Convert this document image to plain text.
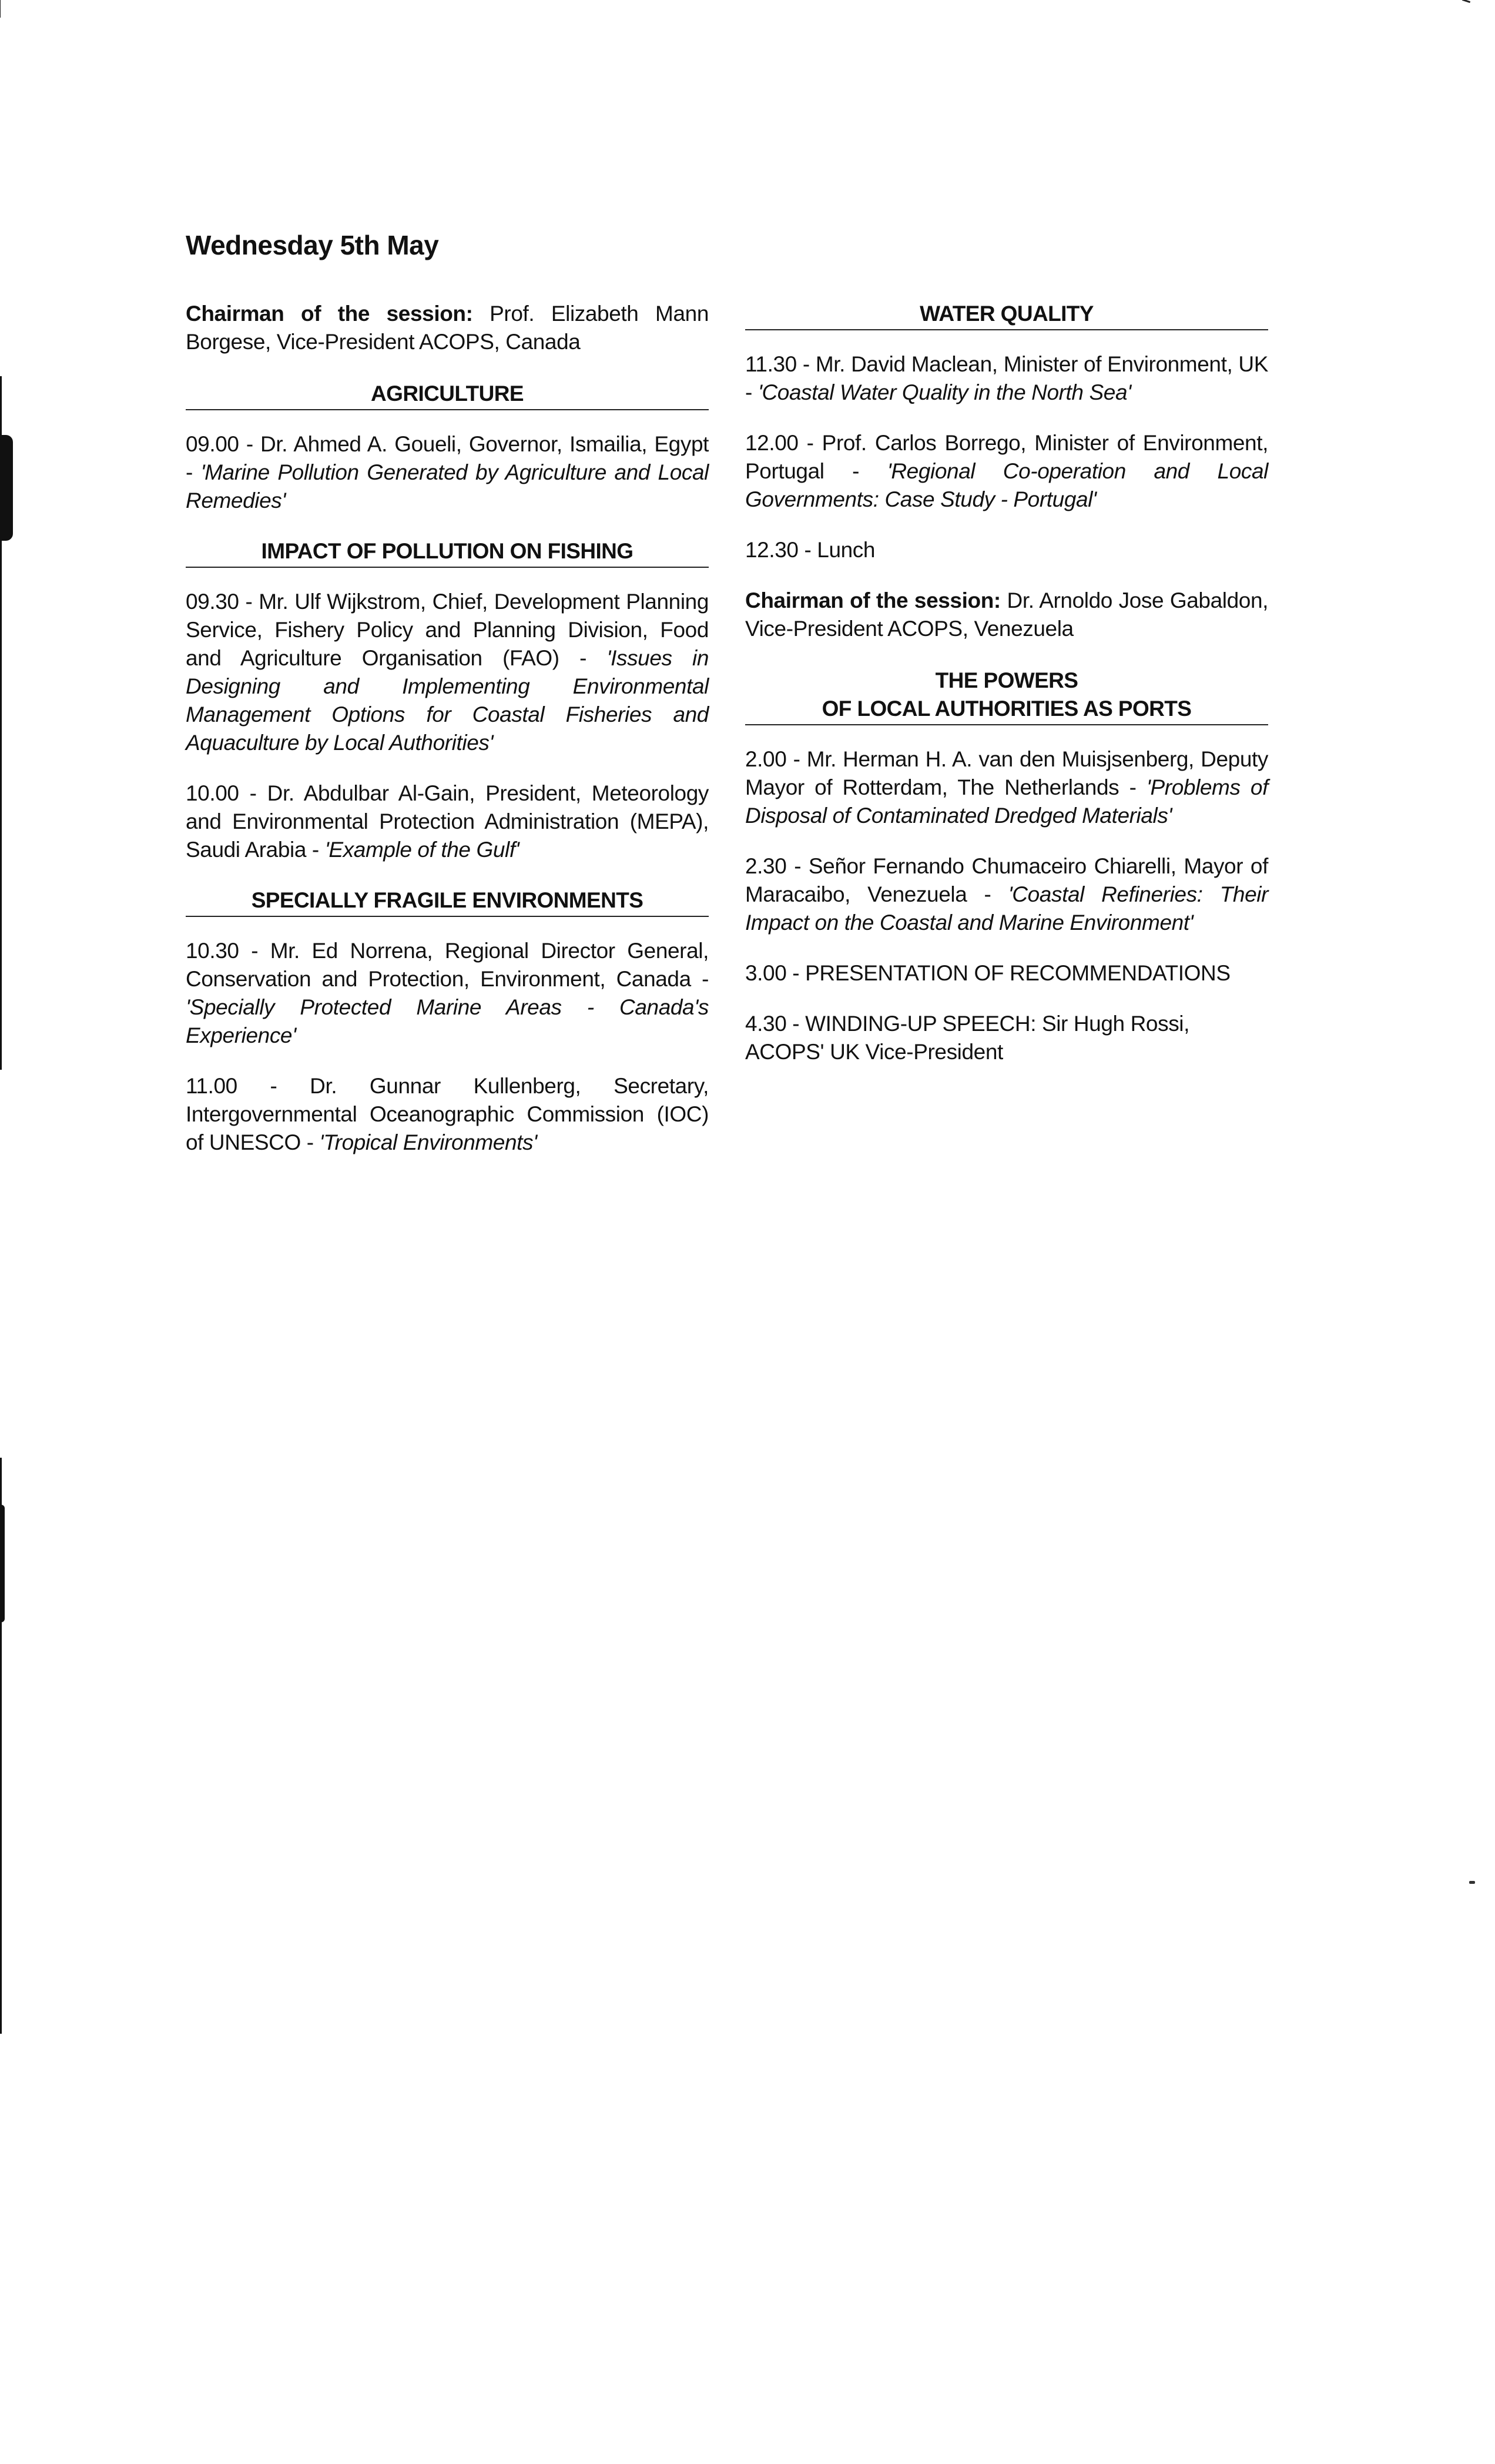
Wednesday 5th May

Chairman of the session: Prof. Elizabeth Mann Borgese, Vice-President ACOPS, Canada

AGRICULTURE

09.00 - Dr. Ahmed A. Goueli, Governor, Ismailia, Egypt - 'Marine Pollution Generated by Agriculture and Local Remedies'

IMPACT OF POLLUTION ON FISHING

09.30 - Mr. Ulf Wijkstrom, Chief, Development Planning Service, Fishery Policy and Planning Division, Food and Agriculture Organisation (FAO) - 'Issues in Designing and Implementing Environmental Management Options for Coastal Fisheries and Aquaculture by Local Authorities'

10.00 - Dr. Abdulbar Al-Gain, President, Meteorology and Environmental Protection Administration (MEPA), Saudi Arabia - 'Example of the Gulf'

SPECIALLY FRAGILE ENVIRONMENTS

10.30 - Mr. Ed Norrena, Regional Director General, Conservation and Protection, Environment, Canada - 'Specially Protected Marine Areas - Canada's Experience'

11.00 - Dr. Gunnar Kullenberg, Secretary, Intergovernmental Oceanographic Commission (IOC) of UNESCO - 'Tropical Environments'

WATER QUALITY

11.30 - Mr. David Maclean, Minister of Environment, UK - 'Coastal Water Quality in the North Sea'

12.00 - Prof. Carlos Borrego, Minister of Environment, Portugal - 'Regional Co-operation and Local Governments: Case Study - Portugal'

12.30 - Lunch

Chairman of the session: Dr. Arnoldo Jose Gabaldon, Vice-President ACOPS, Venezuela

THE POWERS
OF LOCAL AUTHORITIES AS PORTS

2.00 - Mr. Herman H. A. van den Muisjsenberg, Deputy Mayor of Rotterdam, The Netherlands - 'Problems of Disposal of Contaminated Dredged Materials'

2.30 - Señor Fernando Chumaceiro Chiarelli, Mayor of Maracaibo, Venezuela - 'Coastal Refineries: Their Impact on the Coastal and Marine Environment'

3.00 - PRESENTATION OF RECOMMENDATIONS

4.30 - WINDING-UP SPEECH: Sir Hugh Rossi, ACOPS' UK Vice-President
